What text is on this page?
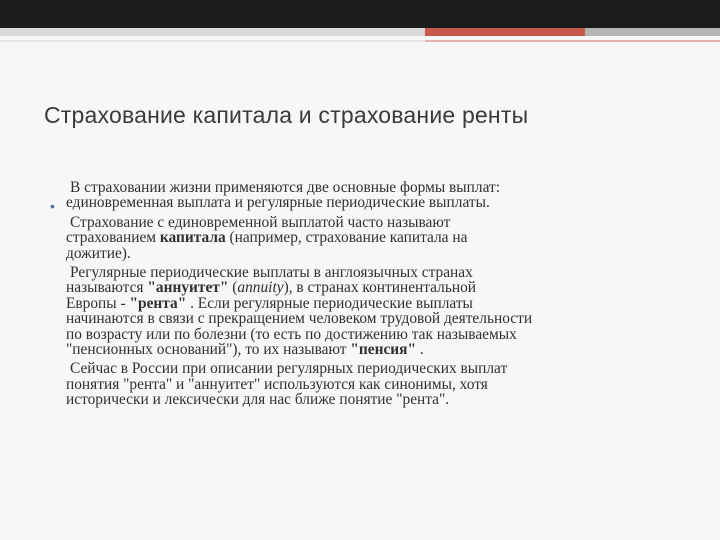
Страхование капитала и страхование ренты
•
В страховании жизни применяются две основные формы выплат:
единовременная выплата и регулярные периодические выплаты.
Страхование с единовременной выплатой часто называют
страхованием капитала (например, страхование капитала на
дожитие).
Регулярные периодические выплаты в англоязычных странах
называются "аннуитет" (annuity), в странах континентальной
Европы - "рента" . Если регулярные периодические выплаты
начинаются в связи с прекращением человеком трудовой деятельности
по возрасту или по болезни (то есть по достижению так называемых
"пенсионных оснований"), то их называют "пенсия" .
Сейчас в России при описании регулярных периодических выплат
понятия "рента" и "аннуитет" используются как синонимы, хотя
исторически и лексически для нас ближе понятие "рента".
